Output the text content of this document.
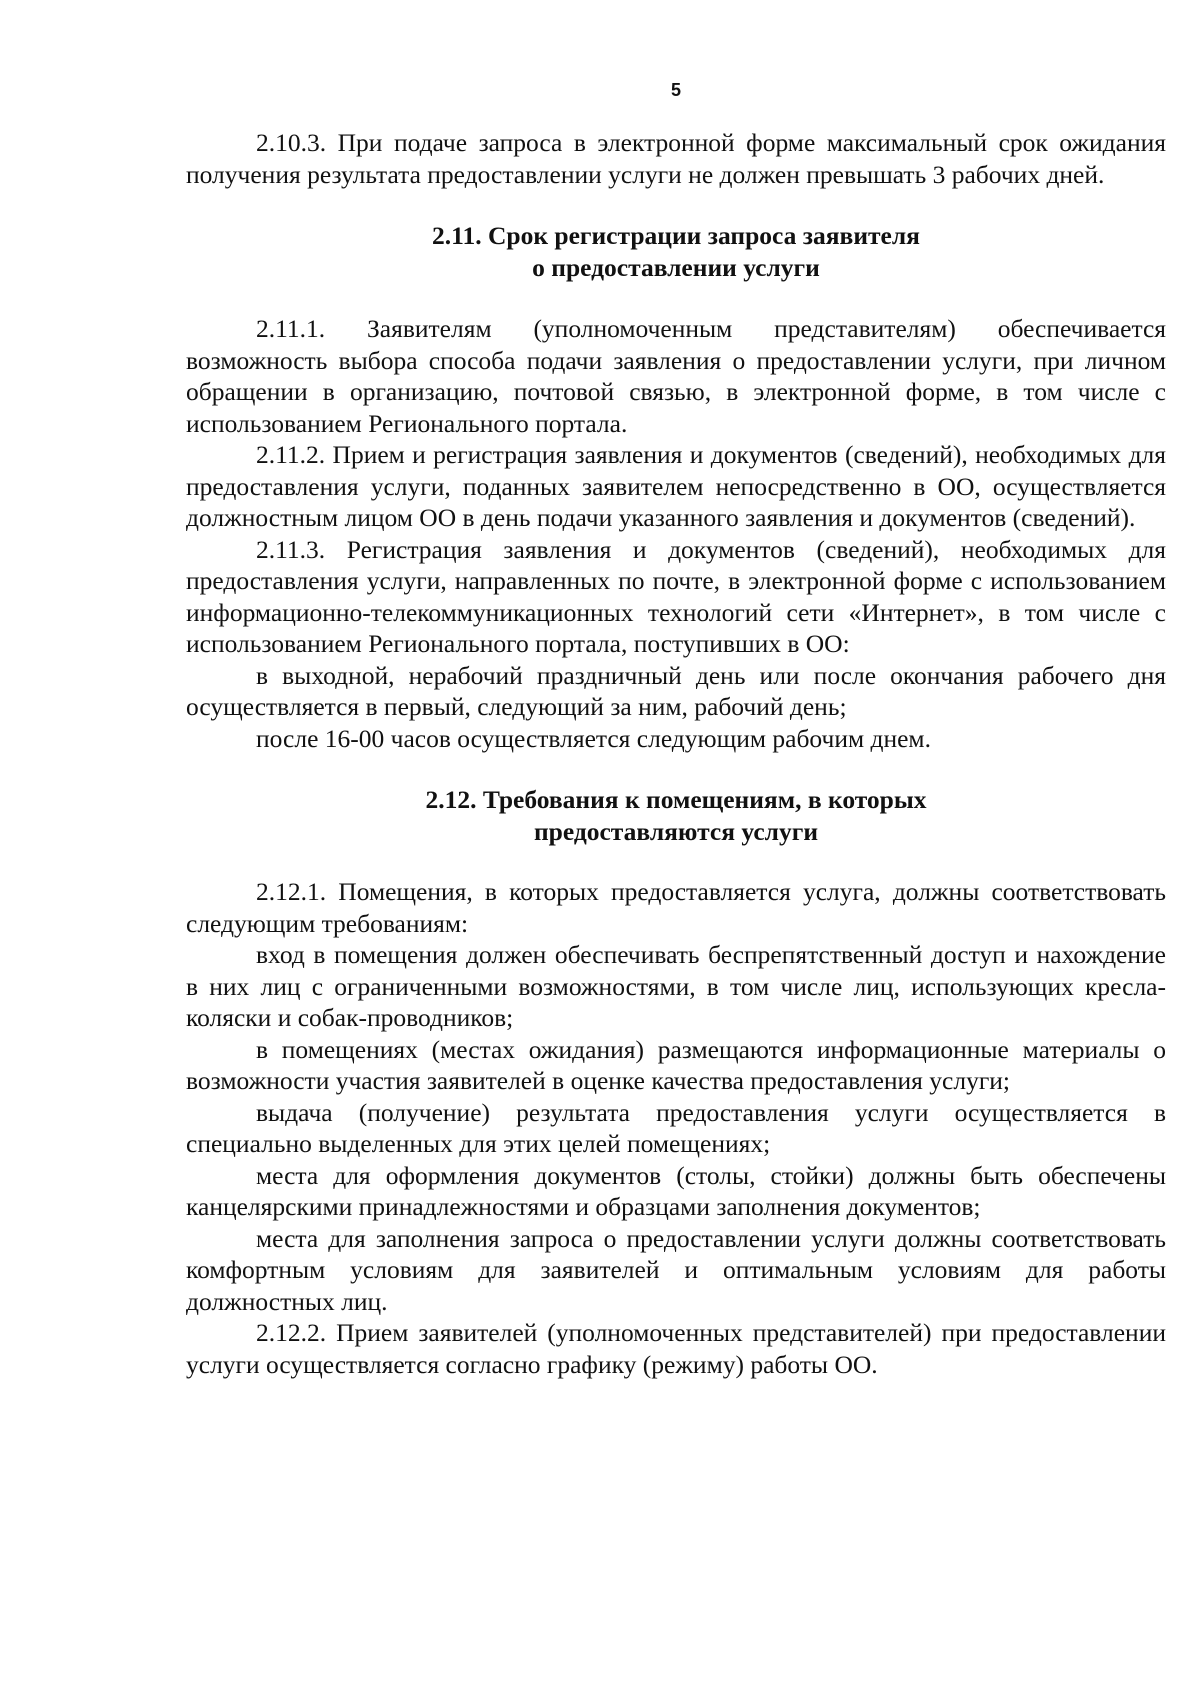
5

2.10.3. При подаче запроса в электронной форме максимальный срок ожидания получения результата предоставлении услуги не должен превышать 3 рабочих дней.

2.11. Срок регистрации запроса заявителя
о предоставлении услуги

2.11.1. Заявителям (уполномоченным представителям) обеспечивается возможность выбора способа подачи заявления о предоставлении услуги, при личном обращении в организацию, почтовой связью, в электронной форме, в том числе с использованием Регионального портала.

2.11.2. Прием и регистрация заявления и документов (сведений), необходимых для предоставления услуги, поданных заявителем непосредственно в ОО, осуществляется должностным лицом ОО в день подачи указанного заявления и документов (сведений).

2.11.3. Регистрация заявления и документов (сведений), необходимых для предоставления услуги, направленных по почте, в электронной форме с использованием информационно-телекоммуникационных технологий сети «Интернет», в том числе с использованием Регионального портала, поступивших в ОО:

в выходной, нерабочий праздничный день или после окончания рабочего дня осуществляется в первый, следующий за ним, рабочий день;

после 16-00 часов осуществляется следующим рабочим днем.

2.12. Требования к помещениям, в которых
предоставляются услуги

2.12.1. Помещения, в которых предоставляется услуга, должны соответствовать следующим требованиям:

вход в помещения должен обеспечивать беспрепятственный доступ и нахождение в них лиц с ограниченными возможностями, в том числе лиц, использующих кресла-коляски и собак-проводников;

в помещениях (местах ожидания) размещаются информационные материалы о возможности участия заявителей в оценке качества предоставления услуги;

выдача (получение) результата предоставления услуги осуществляется в специально выделенных для этих целей помещениях;

места для оформления документов (столы, стойки) должны быть обеспечены канцелярскими принадлежностями и образцами заполнения документов;

места для заполнения запроса о предоставлении услуги должны соответствовать комфортным условиям для заявителей и оптимальным условиям для работы должностных лиц.

2.12.2. Прием заявителей (уполномоченных представителей) при предоставлении услуги осуществляется согласно графику (режиму) работы ОО.
